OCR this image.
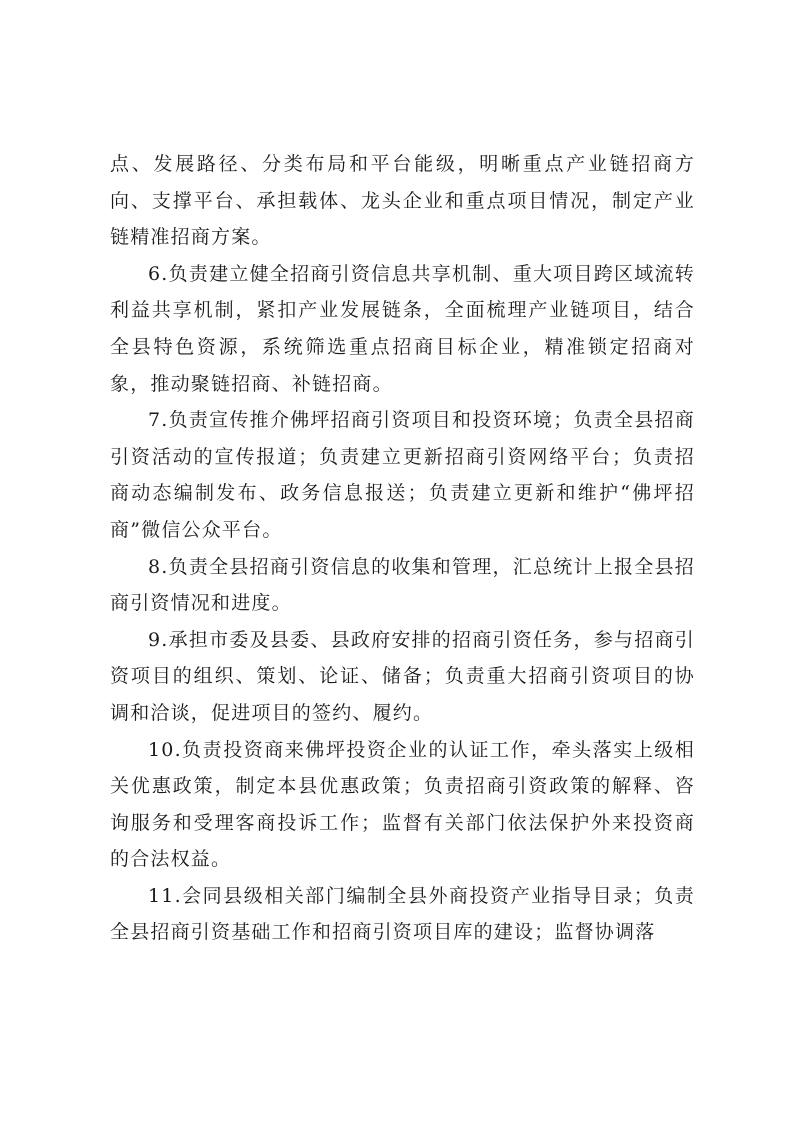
点、发展路径、分类布局和平台能级，明晰重点产业链招商方向、支撑平台、承担载体、龙头企业和重点项目情况，制定产业链精准招商方案。

6.负责建立健全招商引资信息共享机制、重大项目跨区域流转利益共享机制，紧扣产业发展链条，全面梳理产业链项目，结合全县特色资源，系统筛选重点招商目标企业，精准锁定招商对象，推动聚链招商、补链招商。

7.负责宣传推介佛坪招商引资项目和投资环境；负责全县招商引资活动的宣传报道；负责建立更新招商引资网络平台；负责招商动态编制发布、政务信息报送；负责建立更新和维护“佛坪招商”微信公众平台。

8.负责全县招商引资信息的收集和管理，汇总统计上报全县招商引资情况和进度。

9.承担市委及县委、县政府安排的招商引资任务，参与招商引资项目的组织、策划、论证、储备；负责重大招商引资项目的协调和洽谈，促进项目的签约、履约。

10.负责投资商来佛坪投资企业的认证工作，牵头落实上级相关优惠政策，制定本县优惠政策；负责招商引资政策的解释、咨询服务和受理客商投诉工作；监督有关部门依法保护外来投资商的合法权益。

11.会同县级相关部门编制全县外商投资产业指导目录；负责全县招商引资基础工作和招商引资项目库的建设；监督协调落
